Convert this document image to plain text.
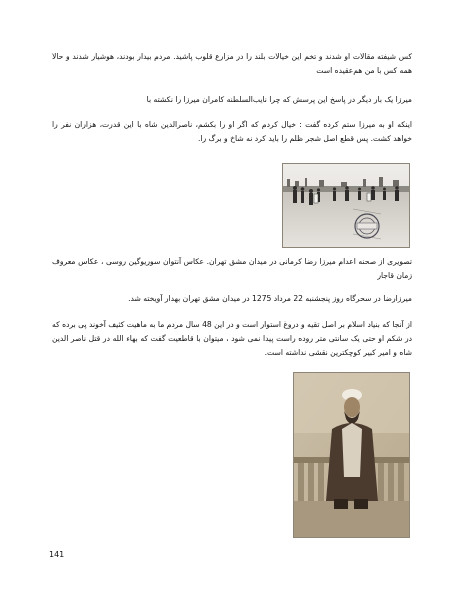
کس شیفته مقالات او شدند و تخم این خیالات بلند را در مزارع قلوب پاشید. مردم بیدار بودند، هوشیار شدند و حالا همه کس با من هم‌عقیده است

میرزا یک بار دیگر در پاسخ این پرسش که چرا نایب‌السلطنه کامران میرزا را نکشته با

اینکه او به میرزا ستم کرده گفت : خیال کردم که اگر او را بکشم، ناصرالدین شاه با این قدرت، هزاران نفر را خواهد کشت. پس قطع اصل شجر ظلم را باید کرد نه شاخ و برگ را.

تصویری از صحنه اعدام میرزا رضا کرمانی در میدان مشق تهران. عکاس آنتوان سوریوگین روسی ، عکاس معروف زمان قاجار

میرزارضا در سحرگاه روز پنجشنبه 22 مرداد 1275 در میدان مشق تهران بهدار آویخته شد.

از آنجا که بنیاد اسلام بر اصل تقیه و دروغ استوار است و در این 48 سال مردم ما به ماهیت کثیف آخوند پی برده که در شکم او حتی یک سانتی متر روده راست پیدا نمی شود ، میتوان با قاطعیت گفت که بهاء الله در قتل ناصر الدین شاه و امیر کبیر کوچکترین نقشی نداشته است.

141
